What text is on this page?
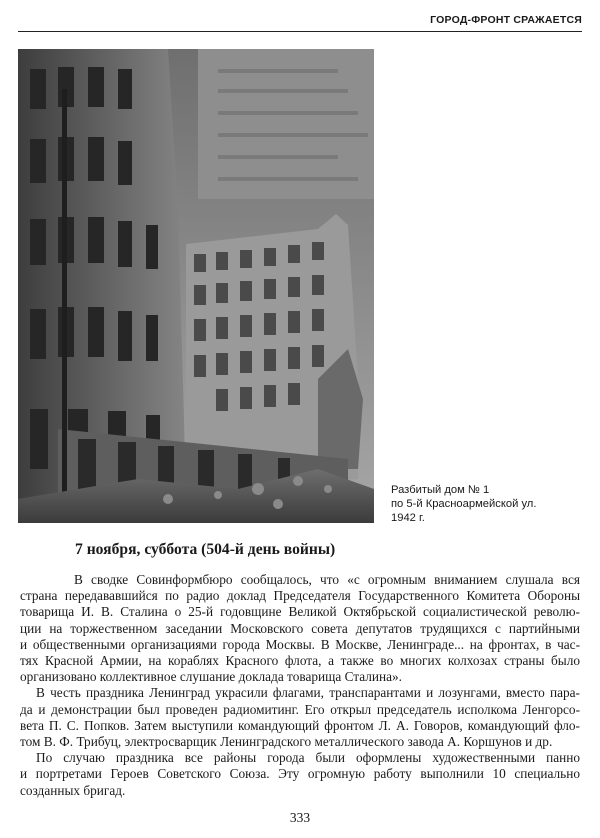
ГОРОД-ФРОНТ СРАЖАЕТСЯ
Разбитый дом № 1
по 5-й Красноармейской ул.
1942 г.
7 ноября, суббота (504-й день войны)
В сводке Совинформбюро сообщалось, что «с огромным вниманием слушала вся
страна передававшийся по радио доклад Председателя Государственного Комитета Обороны
товарища И. В. Сталина о 25-й годовщине Великой Октябрьской социалистической револю-
ции на торжественном заседании Московского совета депутатов трудящихся с партийными
и общественными организациями города Москвы. В Москве, Ленинграде... на фронтах, в час-
тях Красной Армии, на кораблях Красного флота, а также во многих колхозах страны было
организовано коллективное слушание доклада товарища Сталина».
В честь праздника Ленинград украсили флагами, транспарантами и лозунгами, вместо пара-
да и демонстрации был проведен радиомитинг. Его открыл председатель исполкома Ленгорсо-
вета П. С. Попков. Затем выступили командующий фронтом Л. А. Говоров, командующий фло-
том В. Ф. Трибуц, электросварщик Ленинградского металлического завода А. Коршунов и др.
По случаю праздника все районы города были оформлены художественными панно
и портретами Героев Советского Союза. Эту огромную работу выполнили 10 специально
созданных бригад.
333
